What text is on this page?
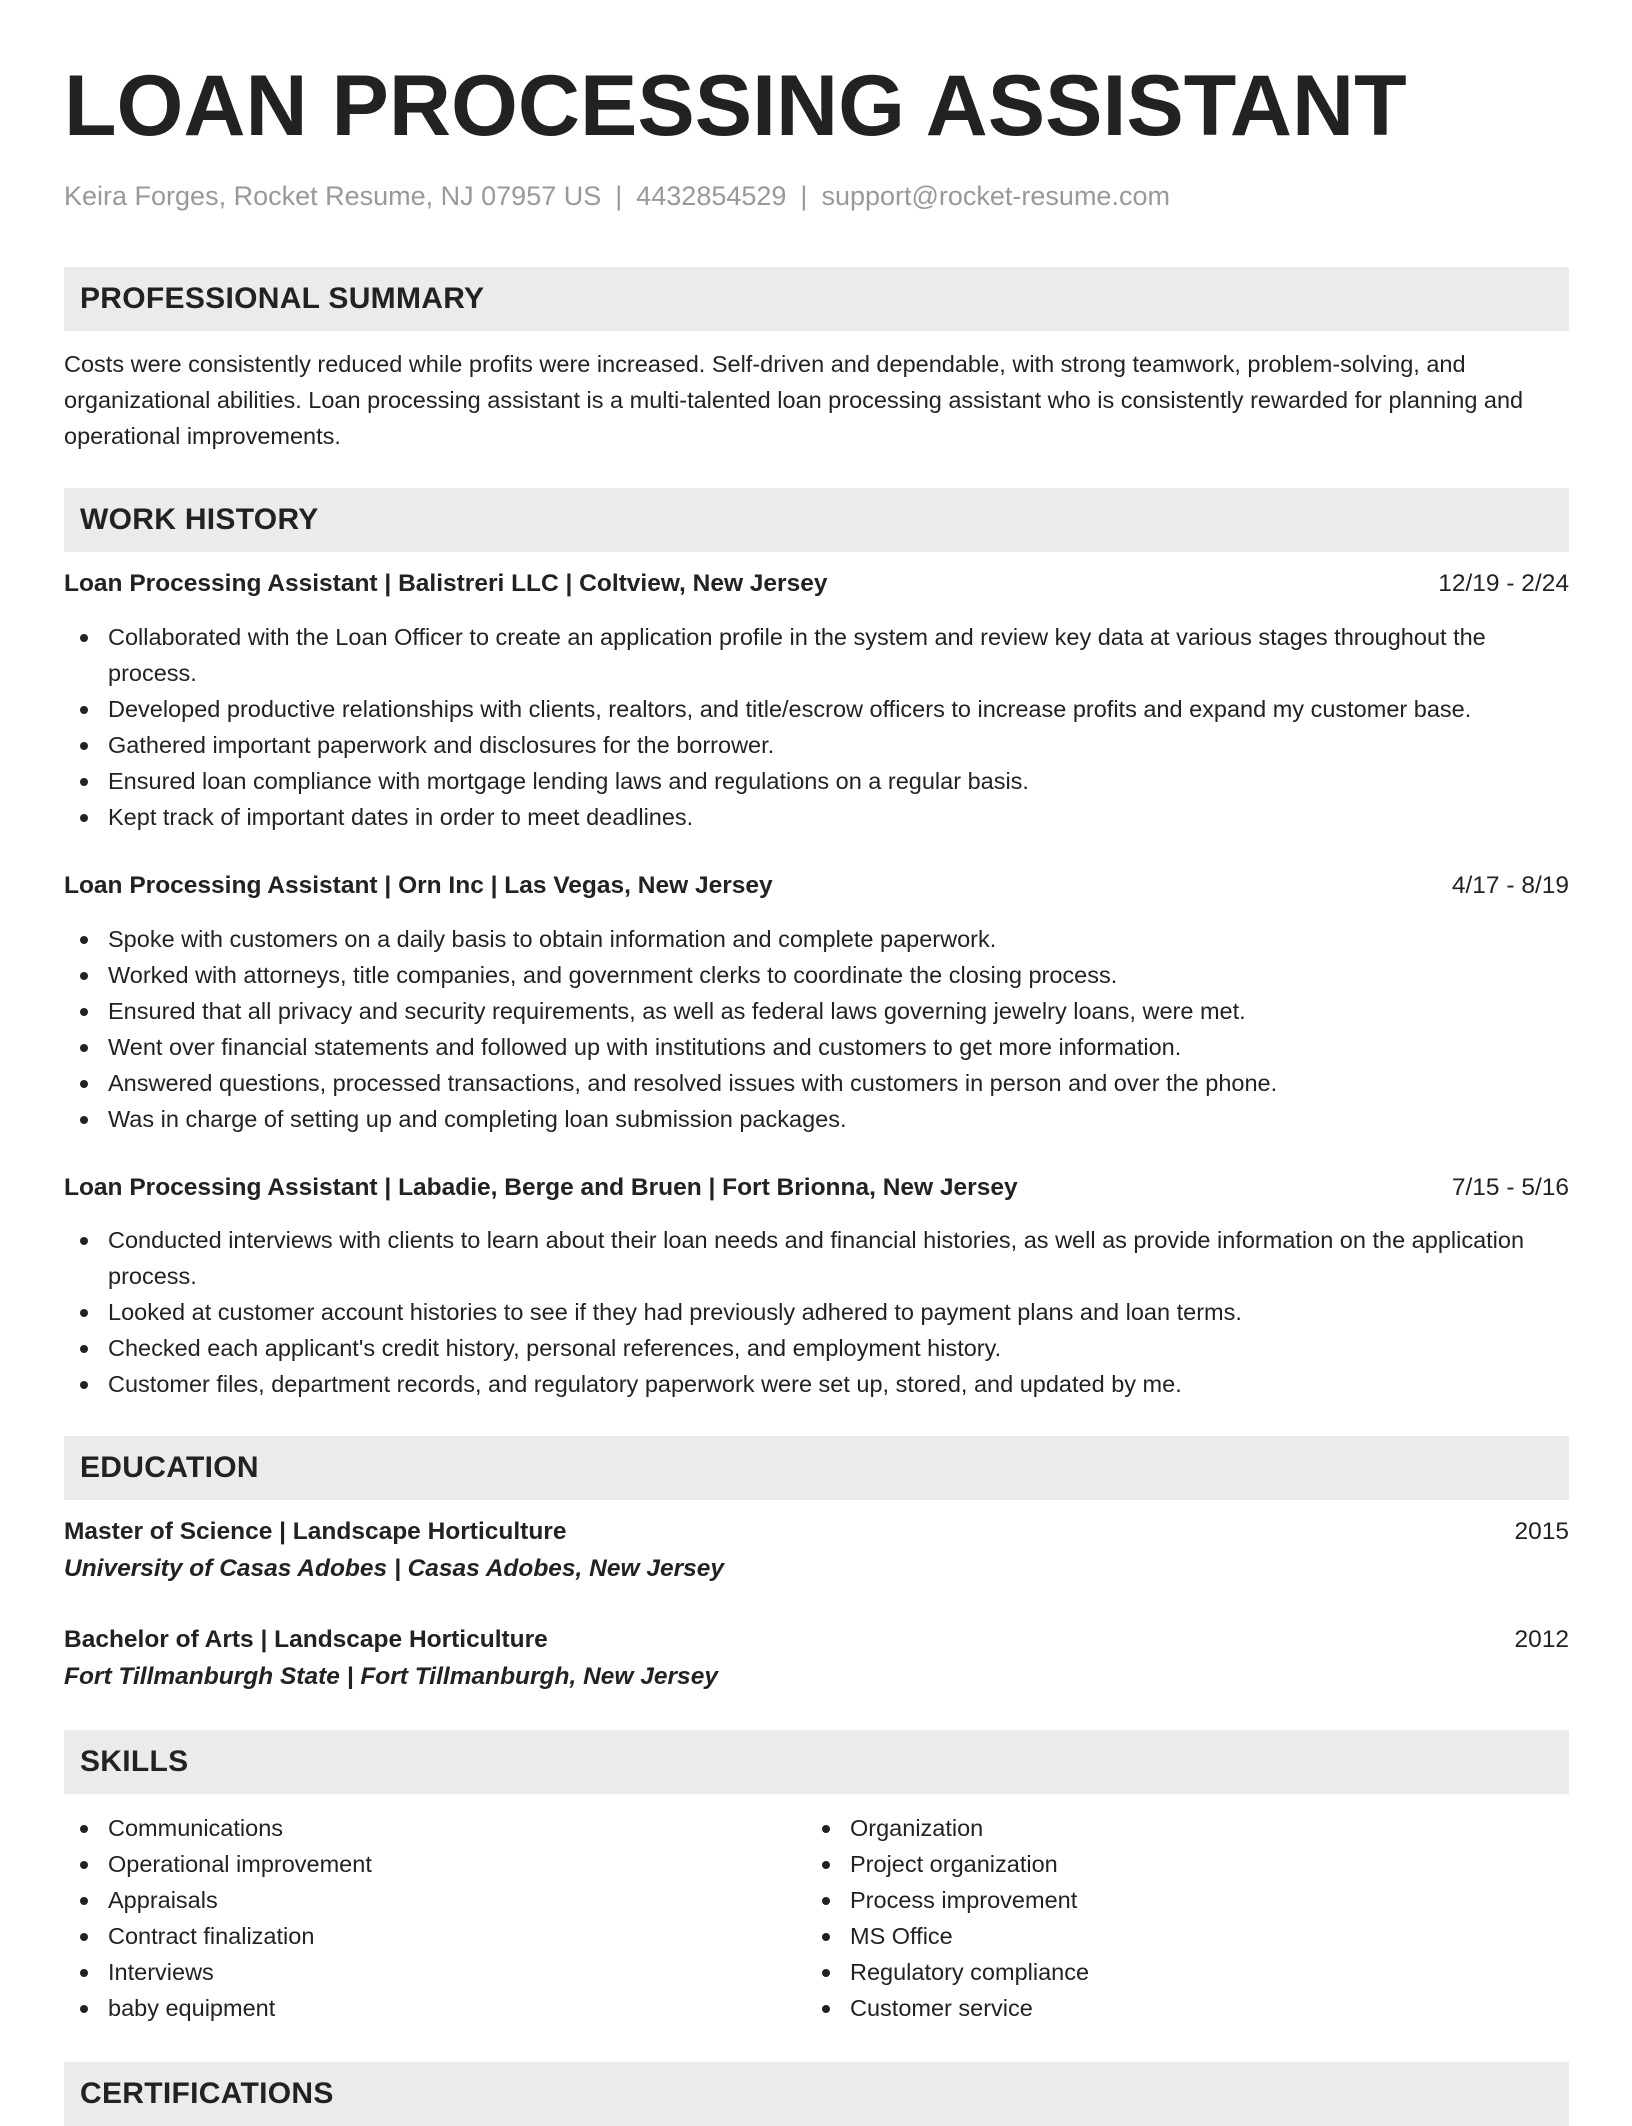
LOAN PROCESSING ASSISTANT
Keira Forges, Rocket Resume, NJ 07957 US | 4432854529 | support@rocket-resume.com
PROFESSIONAL SUMMARY

Costs were consistently reduced while profits were increased. Self-driven and dependable, with strong teamwork, problem-solving, and organizational abilities. Loan processing assistant is a multi-talented loan processing assistant who is consistently rewarded for planning and operational improvements.

WORK HISTORY
Loan Processing Assistant | Balistreri LLC | Coltview, New Jersey	12/19 - 2/24
Collaborated with the Loan Officer to create an application profile in the system and review key data at various stages throughout the process.
Developed productive relationships with clients, realtors, and title/escrow officers to increase profits and expand my customer base.
Gathered important paperwork and disclosures for the borrower.
Ensured loan compliance with mortgage lending laws and regulations on a regular basis.
Kept track of important dates in order to meet deadlines.
Loan Processing Assistant | Orn Inc | Las Vegas, New Jersey	4/17 - 8/19
Spoke with customers on a daily basis to obtain information and complete paperwork.
Worked with attorneys, title companies, and government clerks to coordinate the closing process.
Ensured that all privacy and security requirements, as well as federal laws governing jewelry loans, were met.
Went over financial statements and followed up with institutions and customers to get more information.
Answered questions, processed transactions, and resolved issues with customers in person and over the phone.
Was in charge of setting up and completing loan submission packages.
Loan Processing Assistant | Labadie, Berge and Bruen | Fort Brionna, New Jersey	7/15 - 5/16
Conducted interviews with clients to learn about their loan needs and financial histories, as well as provide information on the application process.
Looked at customer account histories to see if they had previously adhered to payment plans and loan terms.
Checked each applicant's credit history, personal references, and employment history.
Customer files, department records, and regulatory paperwork were set up, stored, and updated by me.
EDUCATION
Master of Science | Landscape Horticulture	2015
University of Casas Adobes | Casas Adobes, New Jersey
Bachelor of Arts | Landscape Horticulture	2012
Fort Tillmanburgh State | Fort Tillmanburgh, New Jersey
SKILLS
Communications
Operational improvement
Appraisals
Contract finalization
Interviews
baby equipment
Organization
Project organization
Process improvement
MS Office
Regulatory compliance
Customer service
CERTIFICATIONS
